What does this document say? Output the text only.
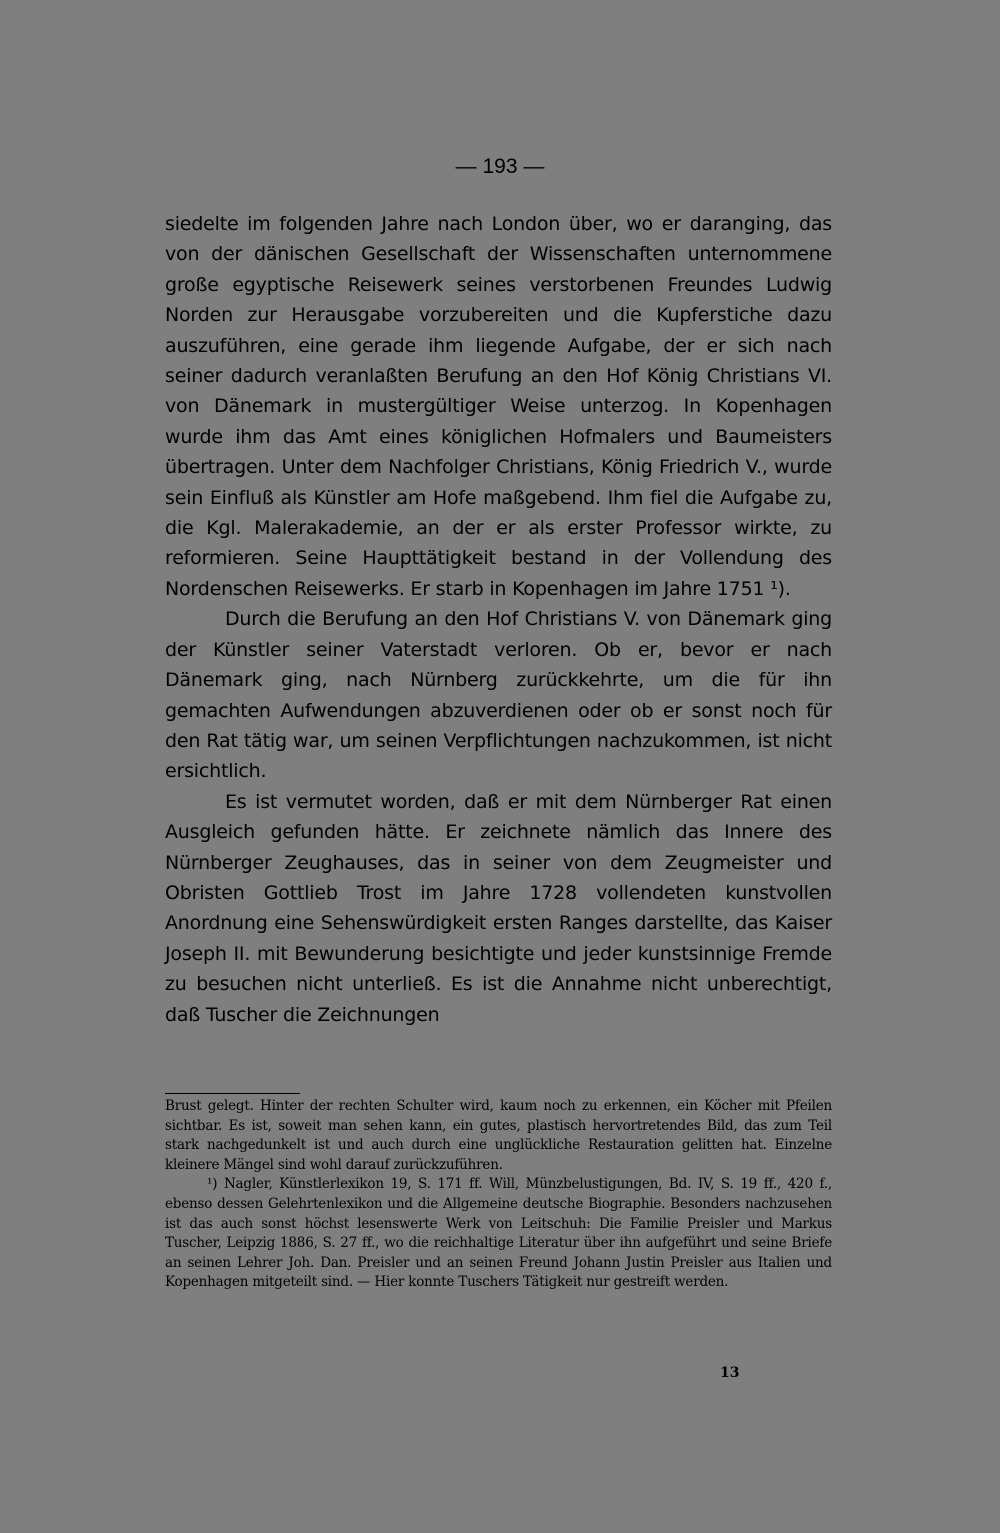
— 193 —

siedelte im folgenden Jahre nach London über, wo er daranging, das von der dänischen Gesellschaft der Wissenschaften unternommene große egyptische Reisewerk seines verstorbenen Freundes Ludwig Norden zur Herausgabe vorzubereiten und die Kupferstiche dazu auszuführen, eine gerade ihm liegende Aufgabe, der er sich nach seiner dadurch veranlaßten Berufung an den Hof König Christians VI. von Dänemark in mustergültiger Weise unterzog. In Kopenhagen wurde ihm das Amt eines königlichen Hofmalers und Baumeisters übertragen. Unter dem Nachfolger Christians, König Friedrich V., wurde sein Einfluß als Künstler am Hofe maßgebend. Ihm fiel die Aufgabe zu, die Kgl. Malerakademie, an der er als erster Professor wirkte, zu reformieren. Seine Haupttätigkeit bestand in der Vollendung des Nordenschen Reisewerks. Er starb in Kopenhagen im Jahre 1751 ¹).

Durch die Berufung an den Hof Christians V. von Dänemark ging der Künstler seiner Vaterstadt verloren. Ob er, bevor er nach Dänemark ging, nach Nürnberg zurückkehrte, um die für ihn gemachten Aufwendungen abzuverdienen oder ob er sonst noch für den Rat tätig war, um seinen Verpflichtungen nachzukommen, ist nicht ersichtlich.

Es ist vermutet worden, daß er mit dem Nürnberger Rat einen Ausgleich gefunden hätte. Er zeichnete nämlich das Innere des Nürnberger Zeughauses, das in seiner von dem Zeugmeister und Obristen Gottlieb Trost im Jahre 1728 vollendeten kunstvollen Anordnung eine Sehenswürdigkeit ersten Ranges darstellte, das Kaiser Joseph II. mit Bewunderung besichtigte und jeder kunstsinnige Fremde zu besuchen nicht unterließ. Es ist die Annahme nicht unberechtigt, daß Tuscher die Zeichnungen

Brust gelegt. Hinter der rechten Schulter wird, kaum noch zu erkennen, ein Köcher mit Pfeilen sichtbar. Es ist, soweit man sehen kann, ein gutes, plastisch hervortretendes Bild, das zum Teil stark nachgedunkelt ist und auch durch eine unglückliche Restauration gelitten hat. Einzelne kleinere Mängel sind wohl darauf zurückzuführen.

¹) Nagler, Künstlerlexikon 19, S. 171 ff. Will, Münzbelustigungen, Bd. IV, S. 19 ff., 420 f., ebenso dessen Gelehrtenlexikon und die Allgemeine deutsche Biographie. Besonders nachzusehen ist das auch sonst höchst lesenswerte Werk von Leitschuh: Die Familie Preisler und Markus Tuscher, Leipzig 1886, S. 27 ff., wo die reichhaltige Literatur über ihn aufgeführt und seine Briefe an seinen Lehrer Joh. Dan. Preisler und an seinen Freund Johann Justin Preisler aus Italien und Kopenhagen mitgeteilt sind. — Hier konnte Tuschers Tätigkeit nur gestreift werden.

13
